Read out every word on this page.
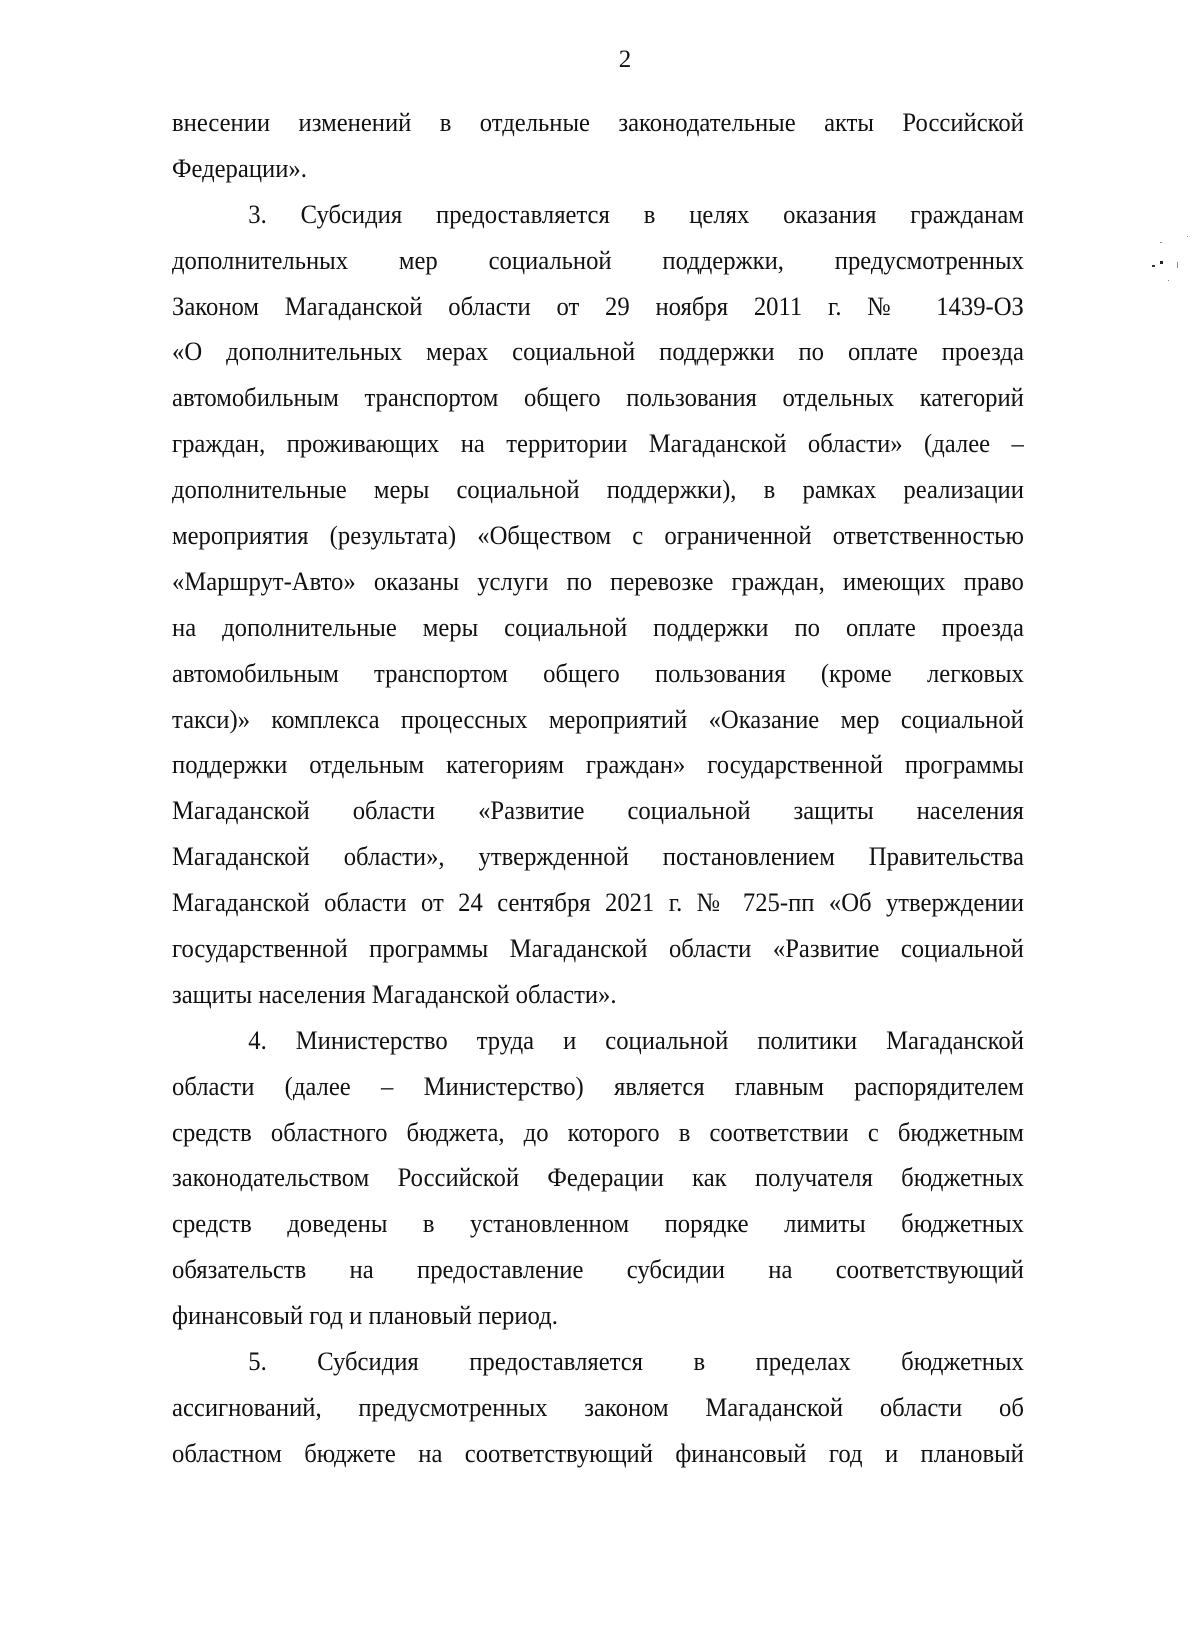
2
внесении изменений в отдельные законодательные акты Российской
Федерации».
3. Субсидия предоставляется в целях оказания гражданам
дополнительных мер социальной поддержки, предусмотренных
Законом Магаданской области от 29 ноября 2011 г. № 1439-ОЗ
«О дополнительных мерах социальной поддержки по оплате проезда
автомобильным транспортом общего пользования отдельных категорий
граждан, проживающих на территории Магаданской области» (далее –
дополнительные меры социальной поддержки), в рамках реализации
мероприятия (результата) «Обществом с ограниченной ответственностью
«Маршрут-Авто» оказаны услуги по перевозке граждан, имеющих право
на дополнительные меры социальной поддержки по оплате проезда
автомобильным транспортом общего пользования (кроме легковых
такси)» комплекса процессных мероприятий «Оказание мер социальной
поддержки отдельным категориям граждан» государственной программы
Магаданской области «Развитие социальной защиты населения
Магаданской области», утвержденной постановлением Правительства
Магаданской области от 24 сентября 2021 г. № 725-пп «Об утверждении
государственной программы Магаданской области «Развитие социальной
защиты населения Магаданской области».
4. Министерство труда и социальной политики Магаданской
области (далее – Министерство) является главным распорядителем
средств областного бюджета, до которого в соответствии с бюджетным
законодательством Российской Федерации как получателя бюджетных
средств доведены в установленном порядке лимиты бюджетных
обязательств на предоставление субсидии на соответствующий
финансовый год и плановый период.
5. Субсидия предоставляется в пределах бюджетных
ассигнований, предусмотренных законом Магаданской области об
областном бюджете на соответствующий финансовый год и плановый
